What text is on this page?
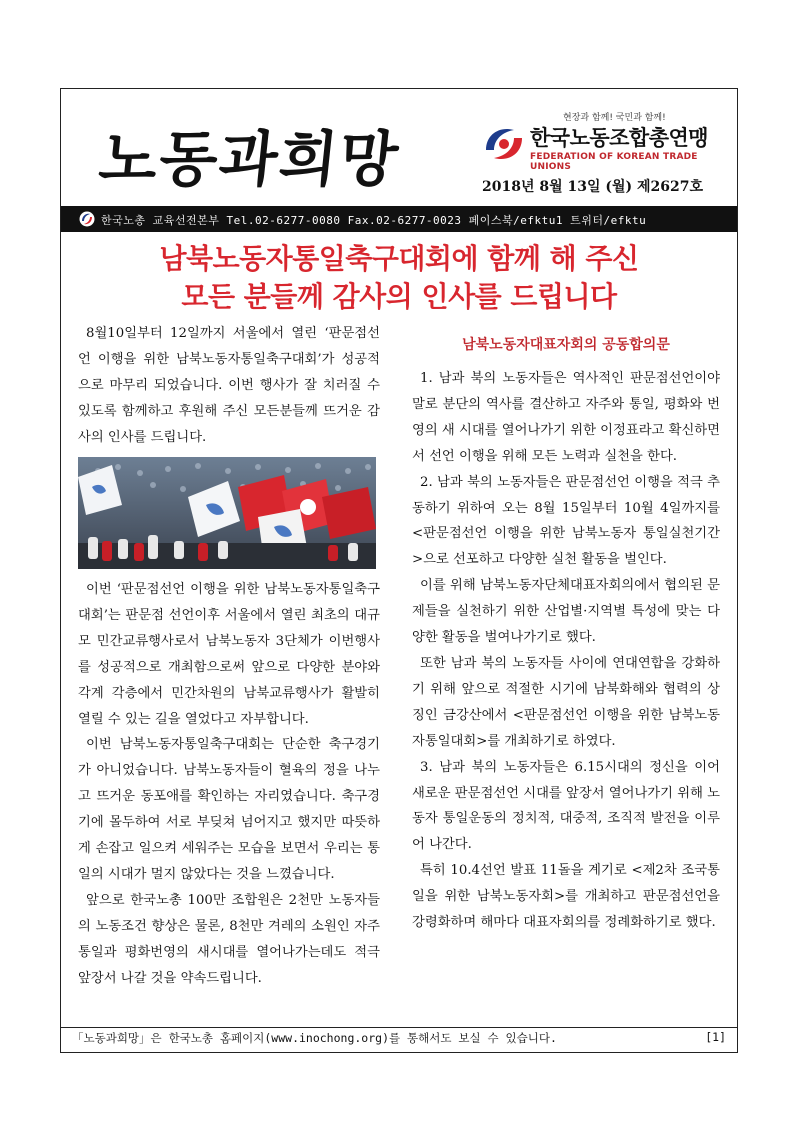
노동과희망
현장과 함께! 국민과 함께!
한국노동조합총연맹
FEDERATION OF KOREAN TRADE UNIONS
2018년 8월 13일 (월) 제2627호
한국노총 교육선전본부 Tel.02-6277-0080 Fax.02-6277-0023 페이스북/efktu1 트위터/efktu
남북노동자통일축구대회에 함께 해 주신
모든 분들께 감사의 인사를 드립니다

8월10일부터 12일까지 서울에서 열린 ‘판문점선언 이행을 위한 남북노동자통일축구대회’가 성공적으로 마무리 되었습니다. 이번 행사가 잘 치러질 수 있도록 함께하고 후원해 주신 모든분들께 뜨거운 감사의 인사를 드립니다.

이번 ‘판문점선언 이행을 위한 남북노동자통일축구대회’는 판문점 선언이후 서울에서 열린 최초의 대규모 민간교류행사로서 남북노동자 3단체가 이번행사를 성공적으로 개최함으로써 앞으로 다양한 분야와 각계 각층에서 민간차원의 남북교류행사가 활발히 열릴 수 있는 길을 열었다고 자부합니다.

이번 남북노동자통일축구대회는 단순한 축구경기가 아니었습니다. 남북노동자들이 혈육의 정을 나누고 뜨거운 동포애를 확인하는 자리였습니다. 축구경기에 몰두하여 서로 부딪쳐 넘어지고 했지만 따뜻하게 손잡고 일으켜 세워주는 모습을 보면서 우리는 통일의 시대가 멀지 않았다는 것을 느꼈습니다.

앞으로 한국노총 100만 조합원은 2천만 노동자들의 노동조건 향상은 물론, 8천만 겨레의 소원인 자주통일과 평화번영의 새시대를 열어나가는데도 적극 앞장서 나갈 것을 약속드립니다.

남북노동자대표자회의 공동합의문

1. 남과 북의 노동자들은 역사적인 판문점선언이야말로 분단의 역사를 결산하고 자주와 통일, 평화와 번영의 새 시대를 열어나가기 위한 이정표라고 확신하면서 선언 이행을 위해 모든 노력과 실천을 한다.

2. 남과 북의 노동자들은 판문점선언 이행을 적극 추동하기 위하여 오는 8월 15일부터 10월 4일까지를 <판문점선언 이행을 위한 남북노동자 통일실천기간>으로 선포하고 다양한 실천 활동을 벌인다.

이를 위해 남북노동자단체대표자회의에서 협의된 문제들을 실천하기 위한 산업별·지역별 특성에 맞는 다양한 활동을 벌여나가기로 했다.

또한 남과 북의 노동자들 사이에 연대연합을 강화하기 위해 앞으로 적절한 시기에 남북화해와 협력의 상징인 금강산에서 <판문점선언 이행을 위한 남북노동자통일대회>를 개최하기로 하였다.

3. 남과 북의 노동자들은 6.15시대의 정신을 이어 새로운 판문점선언 시대를 앞장서 열어나가기 위해 노동자 통일운동의 정치적, 대중적, 조직적 발전을 이루어 나간다.

특히 10.4선언 발표 11돌을 계기로 <제2차 조국통일을 위한 남북노동자회>를 개최하고 판문점선언을 강령화하며 해마다 대표자회의를 정례화하기로 했다.

「노동과희망」은 한국노총 홈페이지(www.inochong.org)를 통해서도 보실 수 있습니다.	[1]
